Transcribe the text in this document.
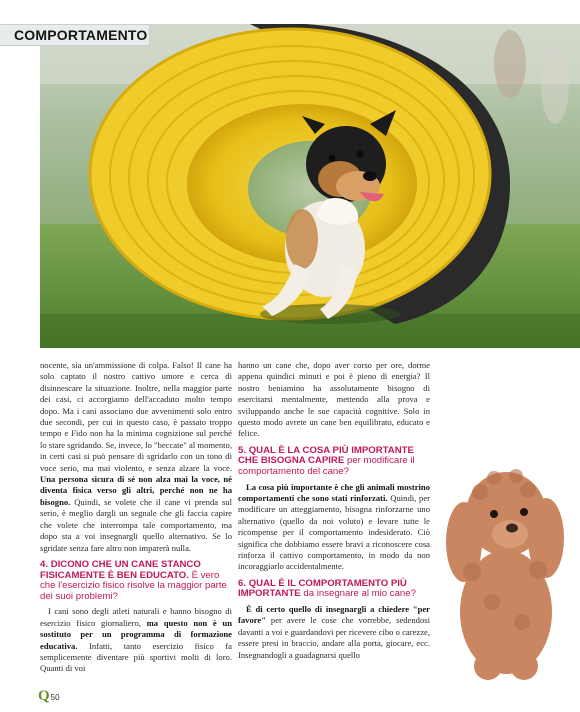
COMPORTAMENTO

nocente, sia un'ammissione di colpa. Falso! Il cane ha solo captato il nostro cattivo umore e cerca di disinnescare la situazione. Inoltre, nella maggior parte dei casi, ci accorgiamo dell'accaduto molto tempo dopo. Ma i cani associano due avvenimenti solo entro due secondi, per cui in questo caso, è passato troppo tempo e Fido non ha la minima cognizione sul perché lo stare sgridando. Se, invece, lo "beccate" al momento, in certi casi si può pensare di sgridarlo con un tono di voce serio, ma mai violento, e senza alzare la voce. Una persona sicura di sé non alza mai la voce, né diventa fisica verso gli altri, perché non ne ha bisogno. Quindi, se volete che il cane vi prenda sul serio, è meglio dargli un segnale che gli faccia capire che volete che interrompa tale comportamento, ma dopo sta a voi insegnargli quello alternativo. Se lo sgridate senza fare altro non imparerà nulla.

4. DICONO CHE UN CANE STANCO FISICAMENTE È BEN EDUCATO. È vero che l'esercizio fisico risolve la maggior parte dei suoi problemi?

I cani sono degli atleti naturali e hanno bisogno di esercizio fisico giornaliero, ma questo non è un sostituto per un programma di formazione educativa. Infatti, tanto esercizio fisico fa semplicemente diventare più sportivi molti di loro. Quanti di voi

hanno un cane che, dopo aver corso per ore, dorme appena quindici minuti e poi è pieno di energia? Il nostro beniamino ha assolutamente bisogno di esercitarsi mentalmente, mettendo alla prova e sviluppando anche le sue capacità cognitive. Solo in questo modo avrete un cane ben equilibrato, educato e felice.

5. QUAL È LA COSA PIÙ IMPORTANTE CHE BISOGNA CAPIRE per modificare il comportamento del cane?

La cosa più importante è che gli animali mostrino comportamenti che sono stati rinforzati. Quindi, per modificare un atteggiamento, bisogna rinforzarne uno alternativo (quello da noi voluto) e levare tutte le ricompense per il comportamento indesiderato. Ciò significa che dobbiamo essere bravi a riconoscere cosa rinforza il cattivo comportamento, in modo da non incoraggiarlo accidentalmente.

6. QUAL È IL COMPORTAMENTO PIÙ IMPORTANTE da insegnare al mio cane?

È di certo quello di insegnargli a chiedere "per favore" per avere le cose che vorrebbe, sedendosi davanti a voi e guardandovi per ricevere cibo o carezze, essere presi in braccio, andare alla porta, giocare, ecc. Insegnandogli a guadagnarsi quello

Q 50
